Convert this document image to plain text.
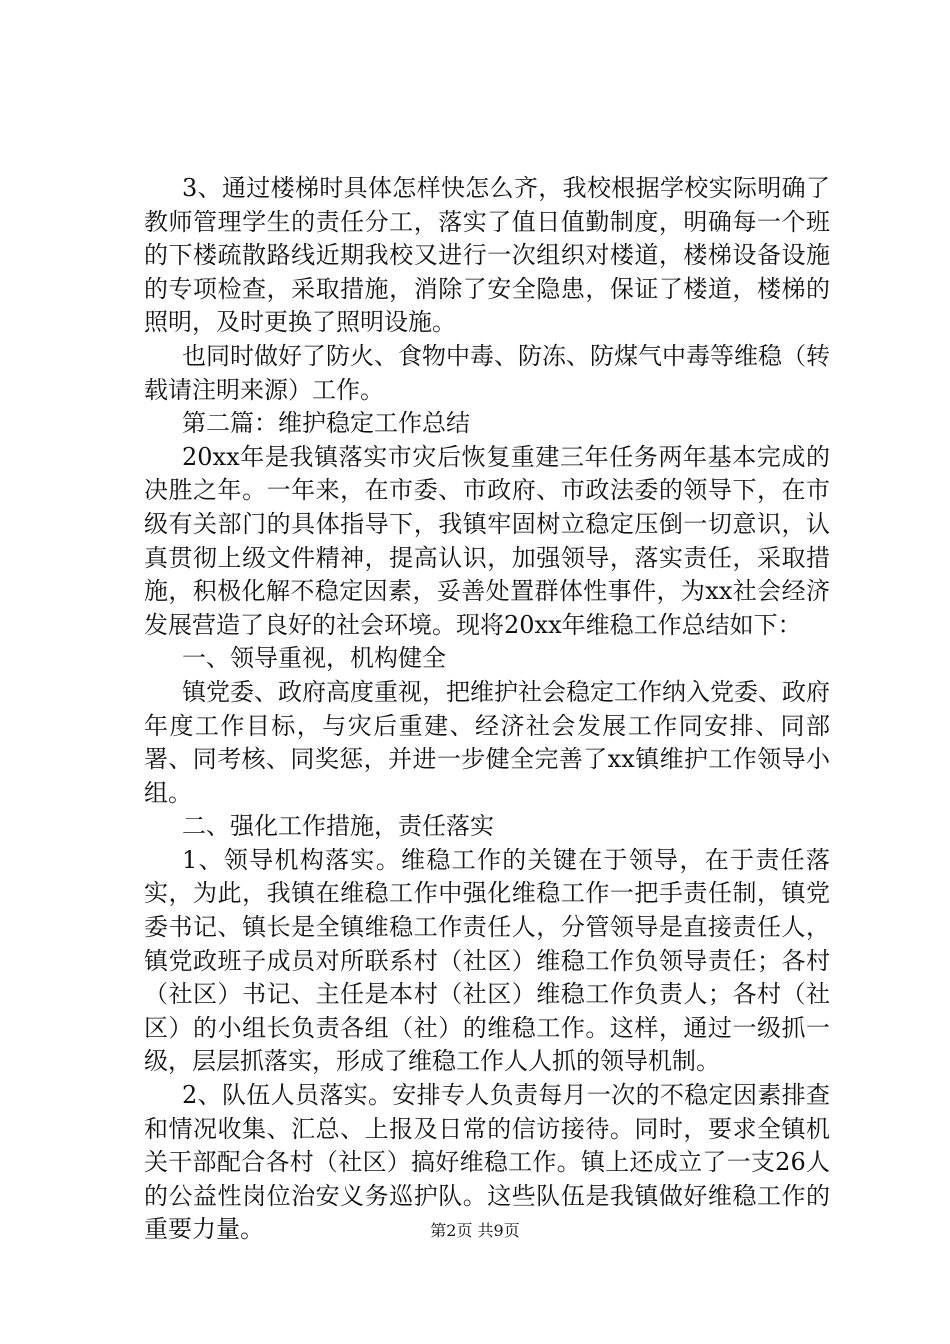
3、通过楼梯时具体怎样快怎么齐，我校根据学校实际明确了教师管理学生的责任分工，落实了值日值勤制度，明确每一个班的下楼疏散路线近期我校又进行一次组织对楼道，楼梯设备设施的专项检查，采取措施，消除了安全隐患，保证了楼道，楼梯的照明，及时更换了照明设施。

也同时做好了防火、食物中毒、防冻、防煤气中毒等维稳（转载请注明来源）工作。

第二篇：维护稳定工作总结

20xx年是我镇落实市灾后恢复重建三年任务两年基本完成的决胜之年。一年来，在市委、市政府、市政法委的领导下，在市级有关部门的具体指导下，我镇牢固树立稳定压倒一切意识，认真贯彻上级文件精神，提高认识，加强领导，落实责任，采取措施，积极化解不稳定因素，妥善处置群体性事件，为xx社会经济发展营造了良好的社会环境。现将20xx年维稳工作总结如下：

一、领导重视，机构健全

镇党委、政府高度重视，把维护社会稳定工作纳入党委、政府年度工作目标，与灾后重建、经济社会发展工作同安排、同部署、同考核、同奖惩，并进一步健全完善了xx镇维护工作领导小组。

二、强化工作措施，责任落实

1、领导机构落实。维稳工作的关键在于领导，在于责任落实，为此，我镇在维稳工作中强化维稳工作一把手责任制，镇党委书记、镇长是全镇维稳工作责任人，分管领导是直接责任人，镇党政班子成员对所联系村（社区）维稳工作负领导责任；各村（社区）书记、主任是本村（社区）维稳工作负责人；各村（社区）的小组长负责各组（社）的维稳工作。这样，通过一级抓一级，层层抓落实，形成了维稳工作人人抓的领导机制。

2、队伍人员落实。安排专人负责每月一次的不稳定因素排查和情况收集、汇总、上报及日常的信访接待。同时，要求全镇机关干部配合各村（社区）搞好维稳工作。镇上还成立了一支26人的公益性岗位治安义务巡护队。这些队伍是我镇做好维稳工作的重要力量。	第2页 共9页
